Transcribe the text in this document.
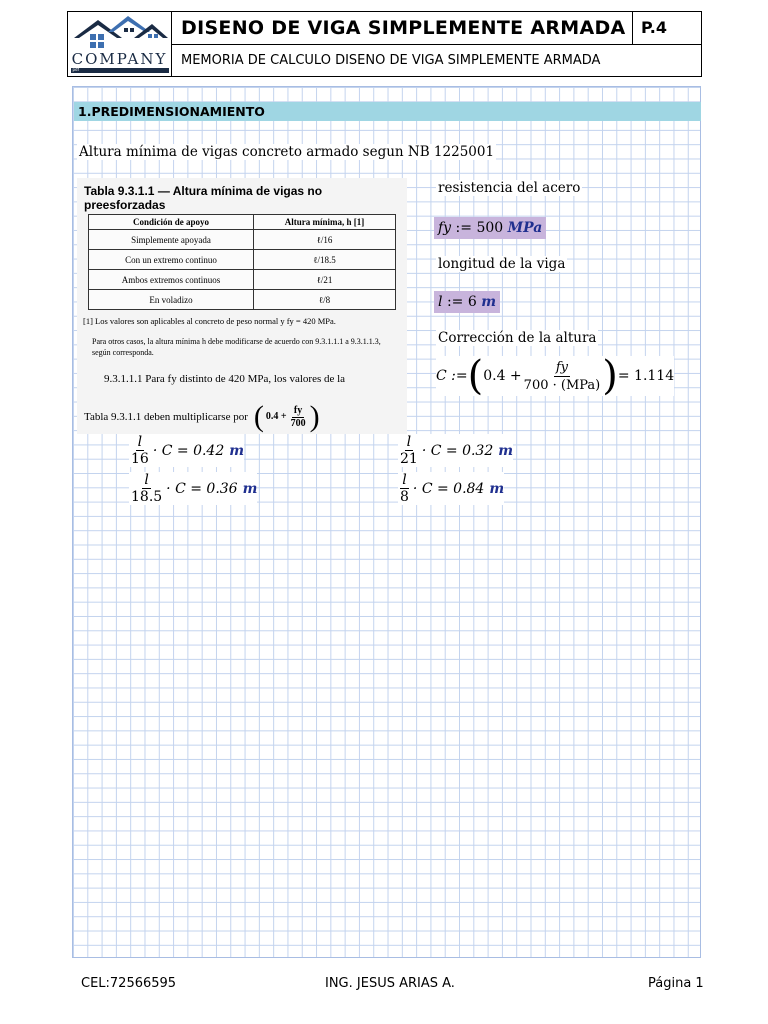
COMPANY
pdf
DISENO DE VIGA SIMPLEMENTE ARMADA P.4
MEMORIA DE CALCULO DISENO DE VIGA SIMPLEMENTE ARMADA
1.PREDIMENSIONAMIENTO
Altura mínima de vigas concreto armado segun NB 1225001
Tabla 9.3.1.1 — Altura mínima de vigas no preesforzadas
Condición de apoyo	Altura mínima, h [1]
Simplemente apoyada	ℓ/16
Con un extremo continuo	ℓ/18.5
Ambos extremos continuos	ℓ/21
En voladizo	ℓ/8
[1] Los valores son aplicables al concreto de peso normal y fy = 420 MPa.
Para otros casos, la altura mínima h debe modificarse de acuerdo con 9.3.1.1.1 a 9.3.1.1.3, según corresponda.
9.3.1.1.1 Para fy distinto de 420 MPa, los valores de la
Tabla 9.3.1.1 deben multiplicarse por ( $0.4 + \frac{fy}{700}$ )
resistencia del acero
fy := 500 MPa
longitud de la viga
l := 6 m
Corrección de la altura
C := ( $0.4 + \frac{fy}{\text{700 · (MPa)}}$ ) = 1.114
$\frac{l}{16} \cdot C = 0.42$ m
$\frac{l}{18.5} \cdot C = 0.36$ m
$\frac{l}{21} \cdot C = 0.32$ m
$\frac{l}{8} \cdot C = 0.84$ m
CEL:72566595	ING. JESUS ARIAS A.	Página 1
